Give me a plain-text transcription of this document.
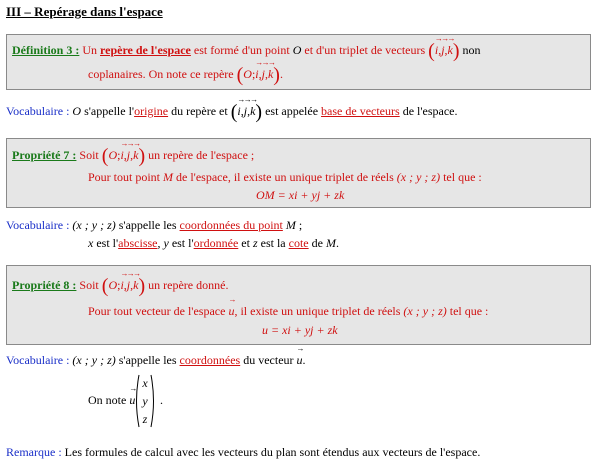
III – Repérage dans l'espace
Définition 3 : Un repère de l'espace est formé d'un point O et d'un triplet de vecteurs (→ i,→ j,→ k) non
coplanaires. On note ce repère (O;→ i,→ j,→ k).
Vocabulaire : O s'appelle l'origine du repère et (→ i,→ j,→ k) est appelée base de vecteurs de l'espace.
Propriété 7 : Soit (O;→ i,→ j,→ k) un repère de l'espace ;
Pour tout point M de l'espace, il existe un unique triplet de réels (x ; y ; z) tel que :
OM = xi + yj + zk
Vocabulaire : (x ; y ; z) s'appelle les coordonnées du point M ;
x est l'abscisse, y est l'ordonnée et z est la cote de M.
Propriété 8 : Soit (O;→ i,→ j,→ k) un repère donné.
Pour tout vecteur de l'espace → u, il existe un unique triplet de réels (x ; y ; z) tel que :
u = xi + yj + zk
Vocabulaire : (x ; y ; z) s'appelle les coordonnées du vecteur → u.
On note → u
x
y
z
.
Remarque : Les formules de calcul avec les vecteurs du plan sont étendus aux vecteurs de l'espace.
